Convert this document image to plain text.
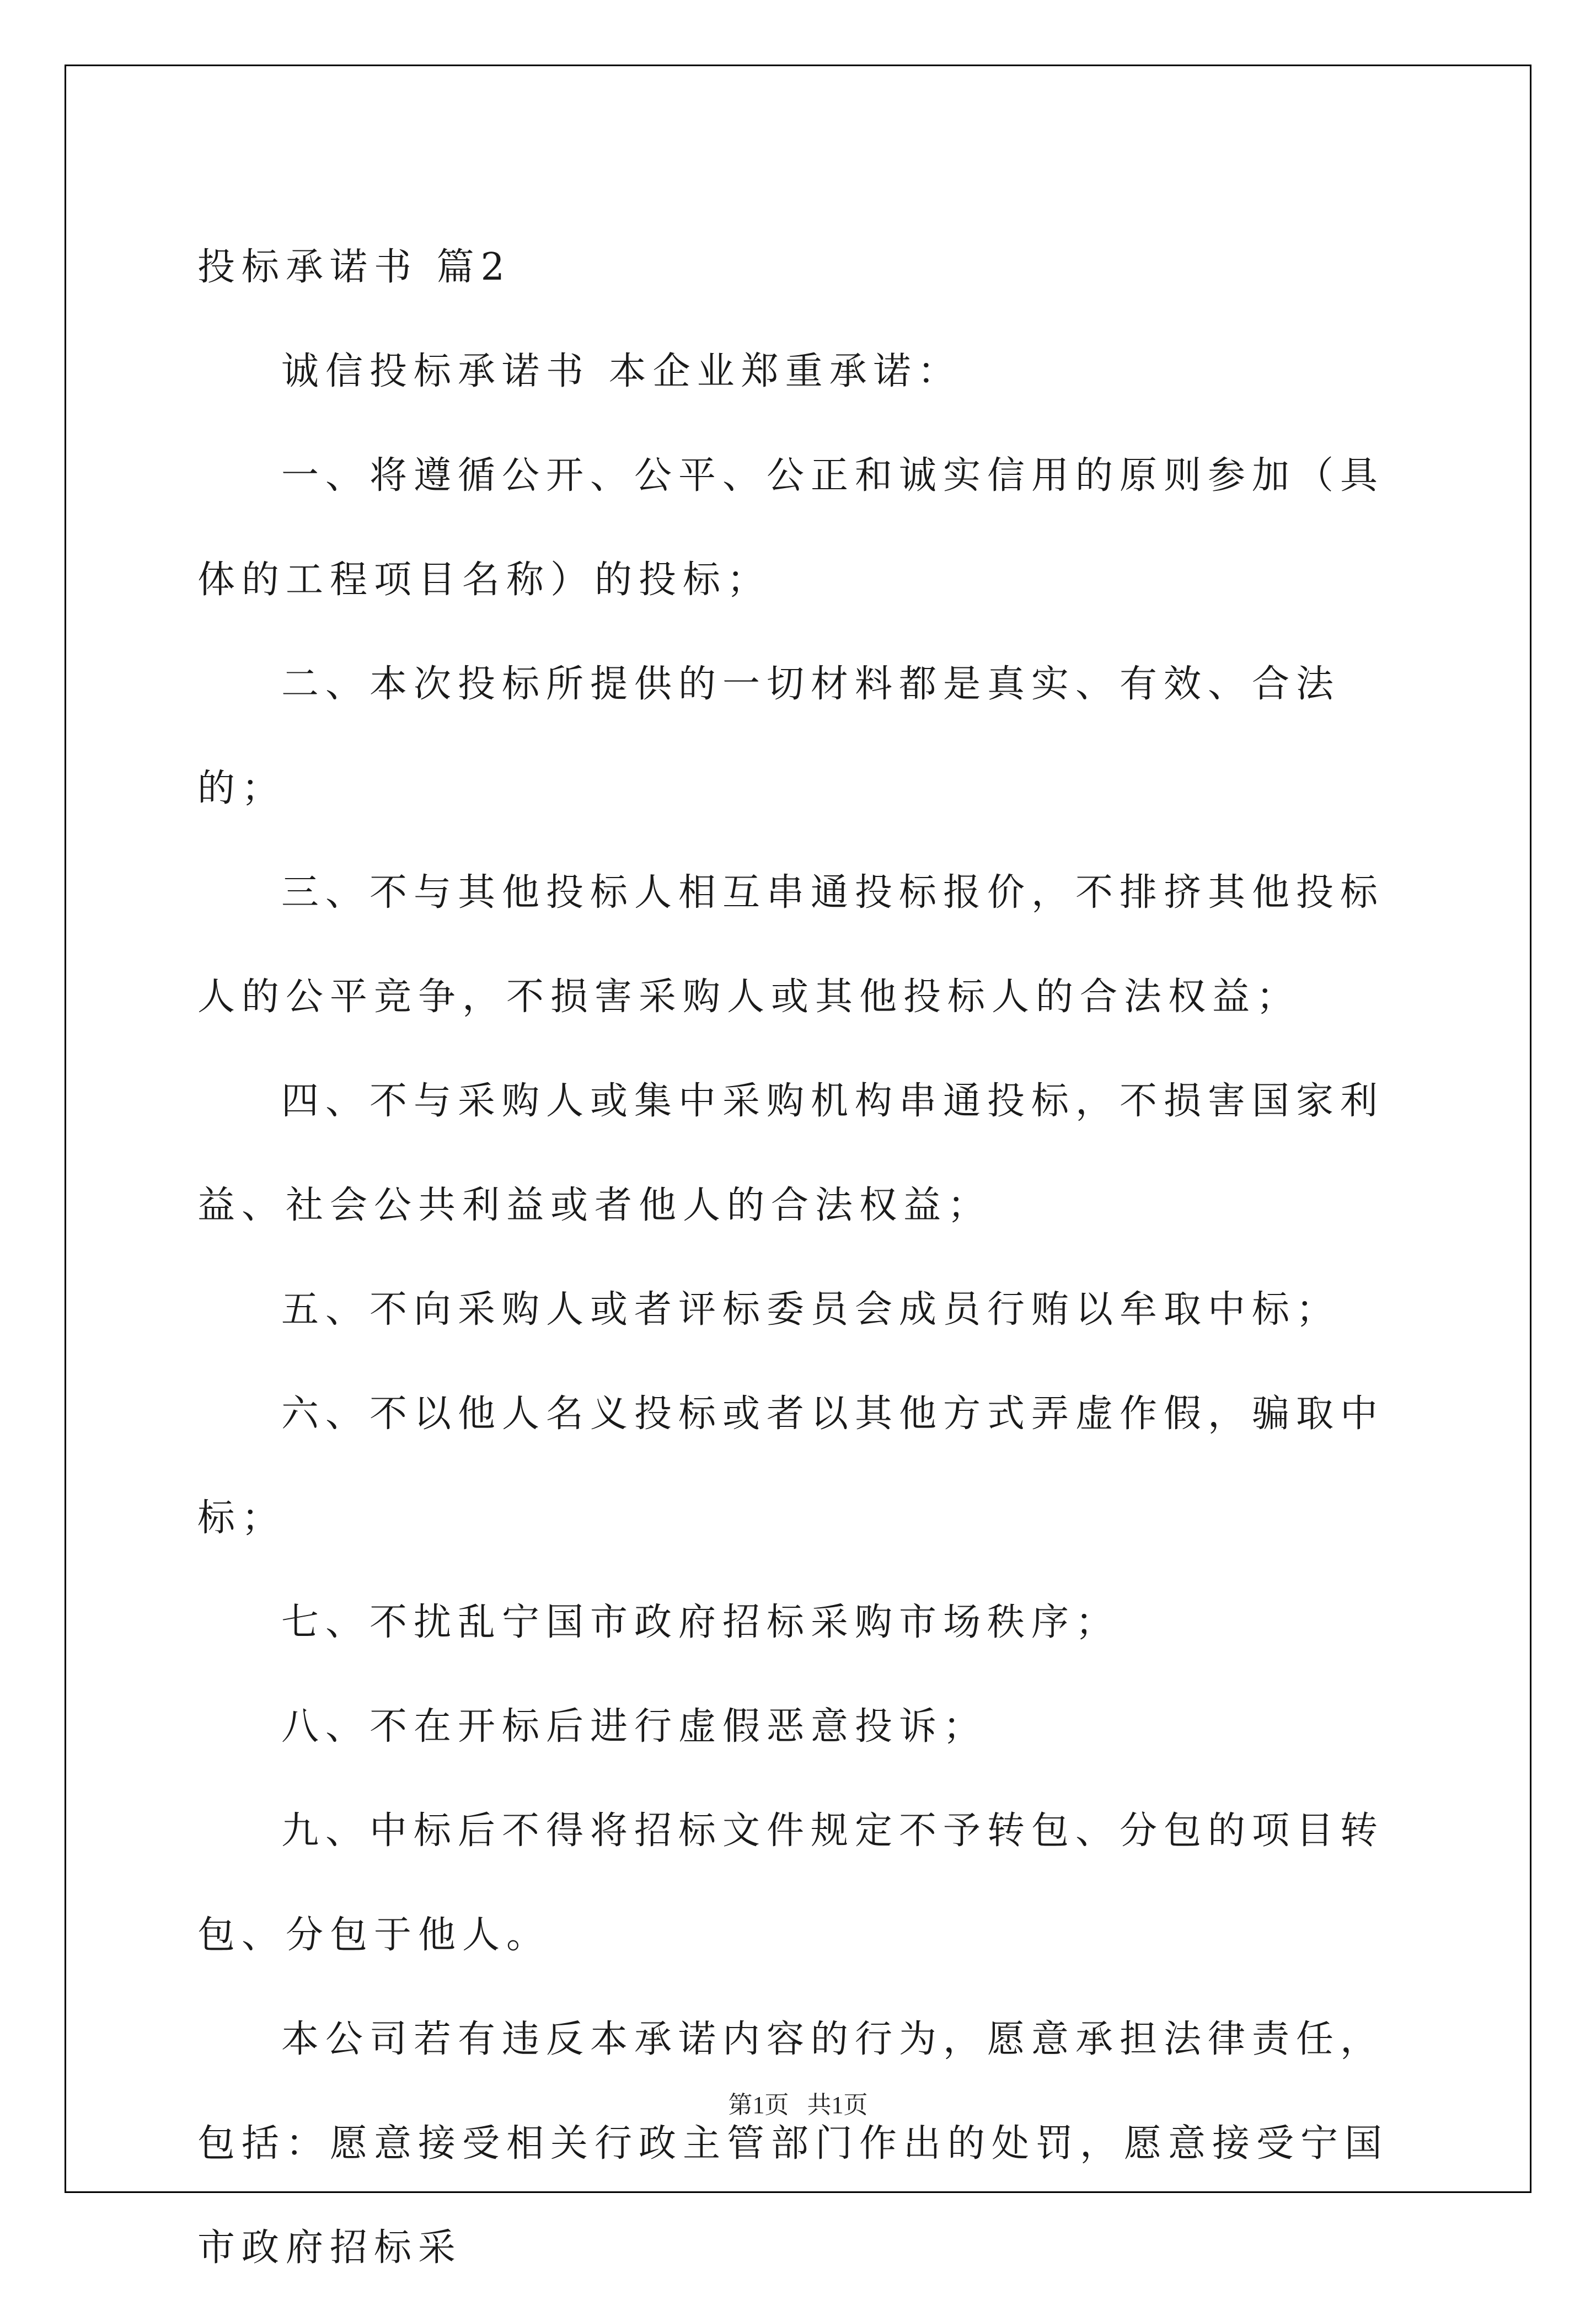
投标承诺书 篇2

诚信投标承诺书 本企业郑重承诺：

一、将遵循公开、公平、公正和诚实信用的原则参加（具体的工程项目名称）的投标；

二、本次投标所提供的一切材料都是真实、有效、合法的；

三、不与其他投标人相互串通投标报价，不排挤其他投标人的公平竞争，不损害采购人或其他投标人的合法权益；

四、不与采购人或集中采购机构串通投标，不损害国家利益、社会公共利益或者他人的合法权益；

五、不向采购人或者评标委员会成员行贿以牟取中标；

六、不以他人名义投标或者以其他方式弄虚作假，骗取中标；

七、不扰乱宁国市政府招标采购市场秩序；

八、不在开标后进行虚假恶意投诉；

九、中标后不得将招标文件规定不予转包、分包的项目转包、分包于他人。

本公司若有违反本承诺内容的行为，愿意承担法律责任，包括：愿意接受相关行政主管部门作出的处罚，愿意接受宁国市政府招标采

第1页   共1页
